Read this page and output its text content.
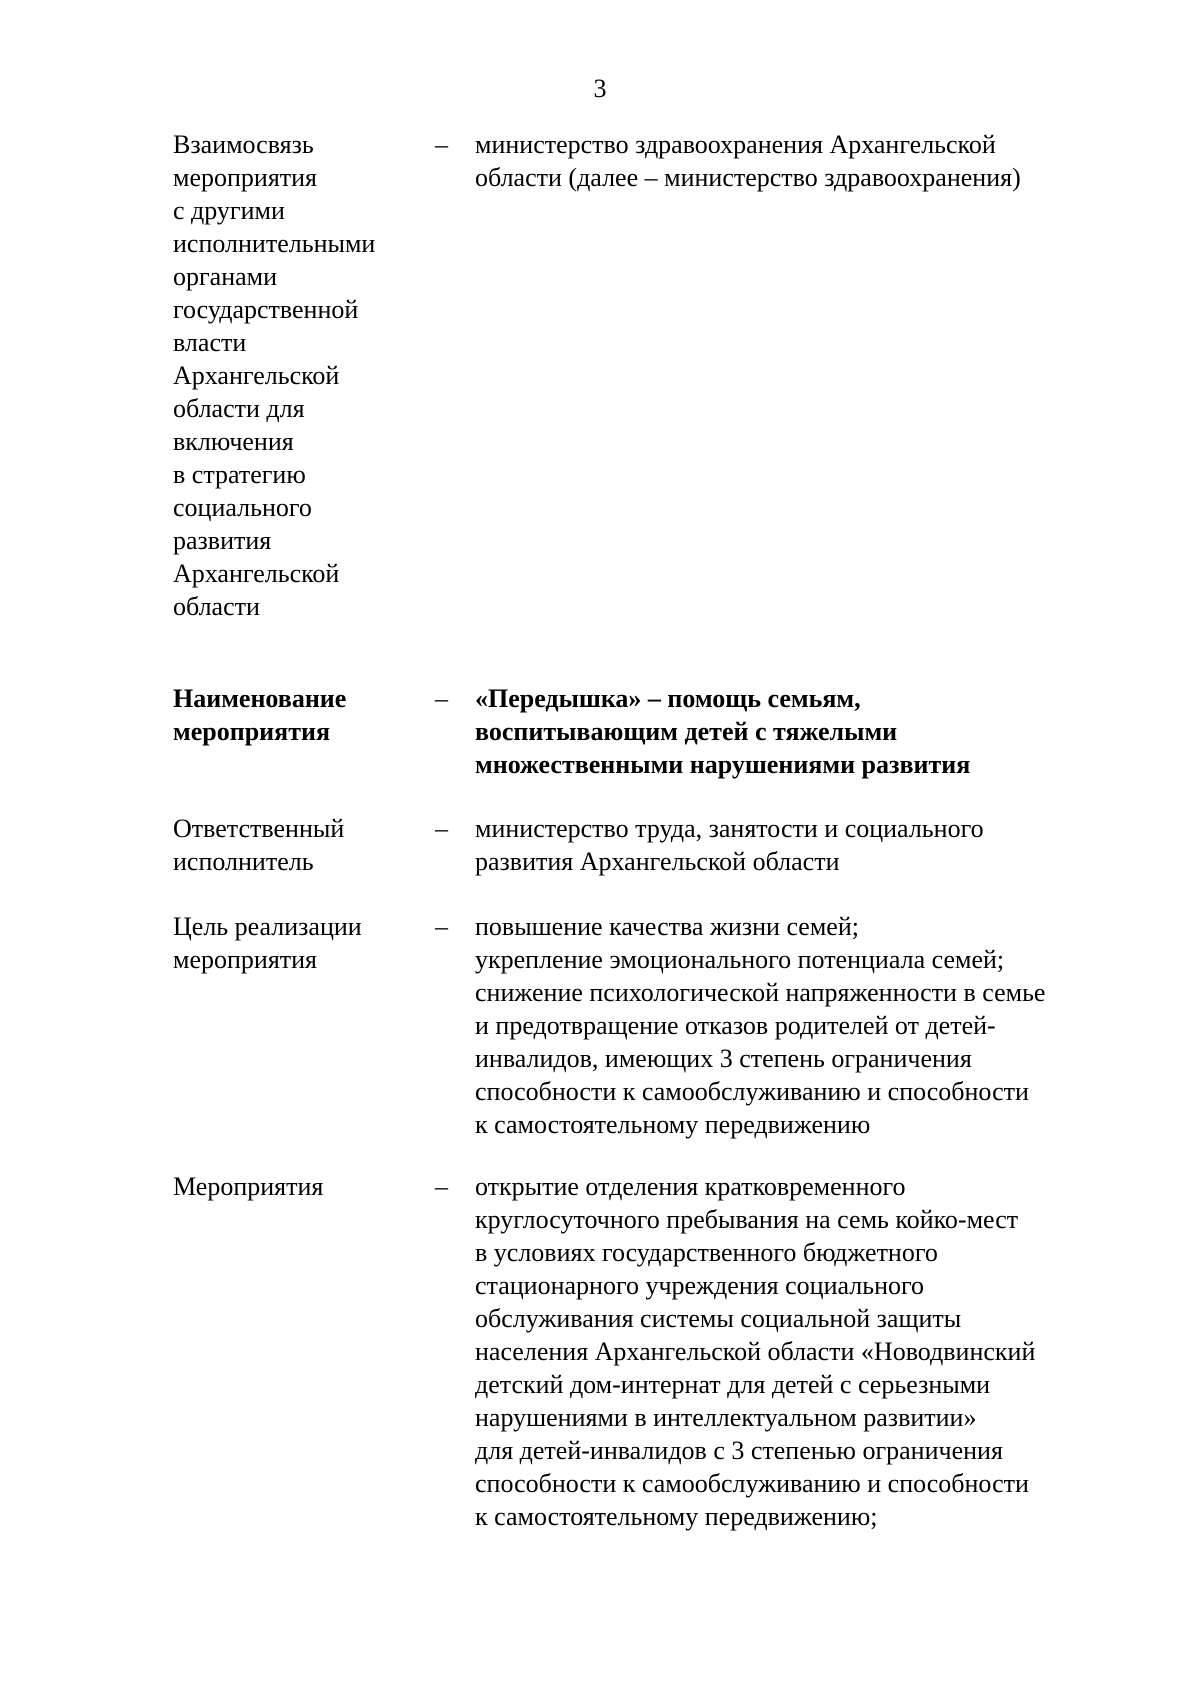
3
Взаимосвязь
мероприятия
с другими
исполнительными
органами
государственной
власти
Архангельской
области для
включения
в стратегию
социального
развития
Архангельской
области
– министерство здравоохранения Архангельской
области (далее – министерство здравоохранения)
Наименование
мероприятия
– «Передышка» – помощь семьям,
воспитывающим детей с тяжелыми
множественными нарушениями развития
Ответственный
исполнитель
– министерство труда, занятости и социального
развития Архангельской области
Цель реализации
мероприятия
– повышение качества жизни семей;
укрепление эмоционального потенциала семей;
снижение психологической напряженности в семье
и предотвращение отказов родителей от детей-
инвалидов, имеющих 3 степень ограничения
способности к самообслуживанию и способности
к самостоятельному передвижению
Мероприятия	– открытие отделения кратковременного
круглосуточного пребывания на семь койко-мест
в условиях государственного бюджетного
стационарного учреждения социального
обслуживания системы социальной защиты
населения Архангельской области «Новодвинский
детский дом-интернат для детей с серьезными
нарушениями в интеллектуальном развитии»
для детей-инвалидов с 3 степенью ограничения
способности к самообслуживанию и способности
к самостоятельному передвижению;
